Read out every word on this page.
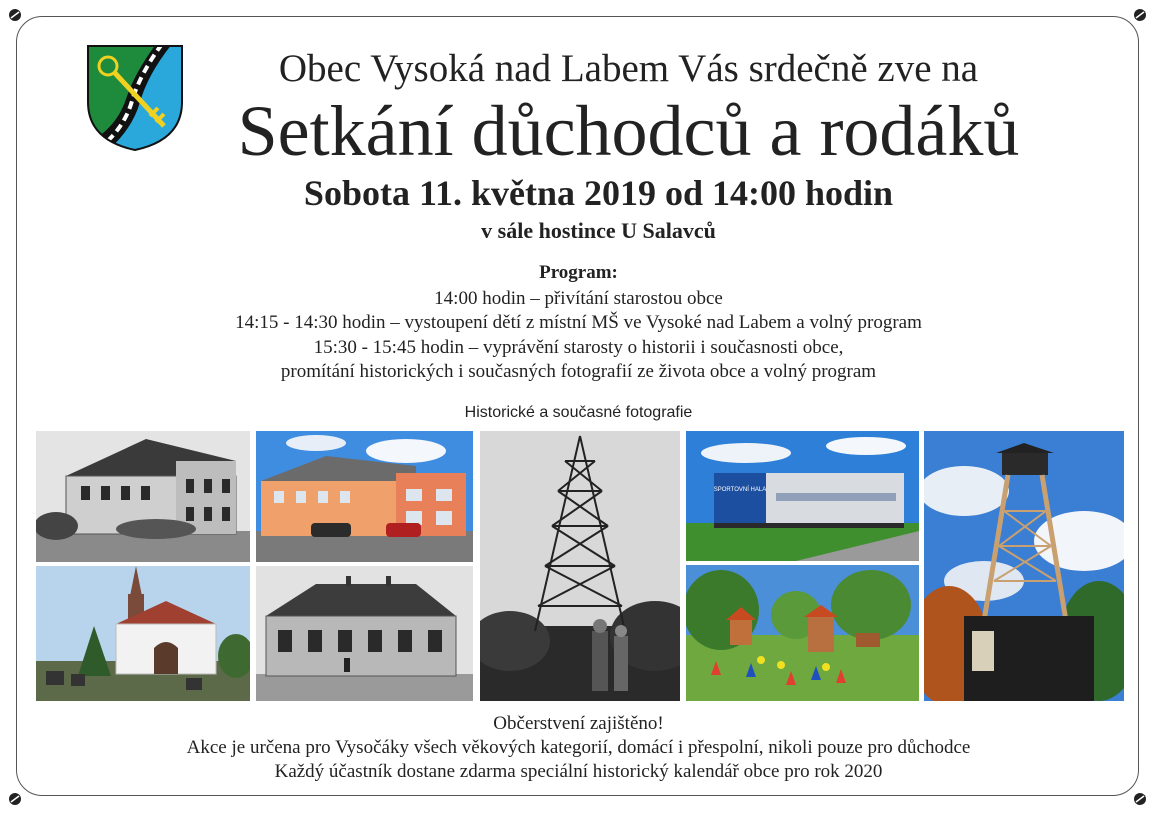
Obec Vysoká nad Labem Vás srdečně zve na
Setkání důchodců a rodáků
Sobota 11. května 2019 od 14:00 hodin
v sále hostince U Salavců
Program:
14:00 hodin – přivítání starostou obce
14:15 - 14:30 hodin – vystoupení dětí z místní MŠ ve Vysoké nad Labem a volný program
15:30 - 15:45 hodin – vyprávění starosty o historii i současnosti obce,
promítání historických i současných fotografií ze života obce a volný program
Historické a současné fotografie
SPORTOVNÍ HALA
Občerstvení zajištěno!
Akce je určena pro Vysočáky všech věkových kategorií, domácí i přespolní, nikoli pouze pro důchodce
Každý účastník dostane zdarma speciální historický kalendář obce pro rok 2020
